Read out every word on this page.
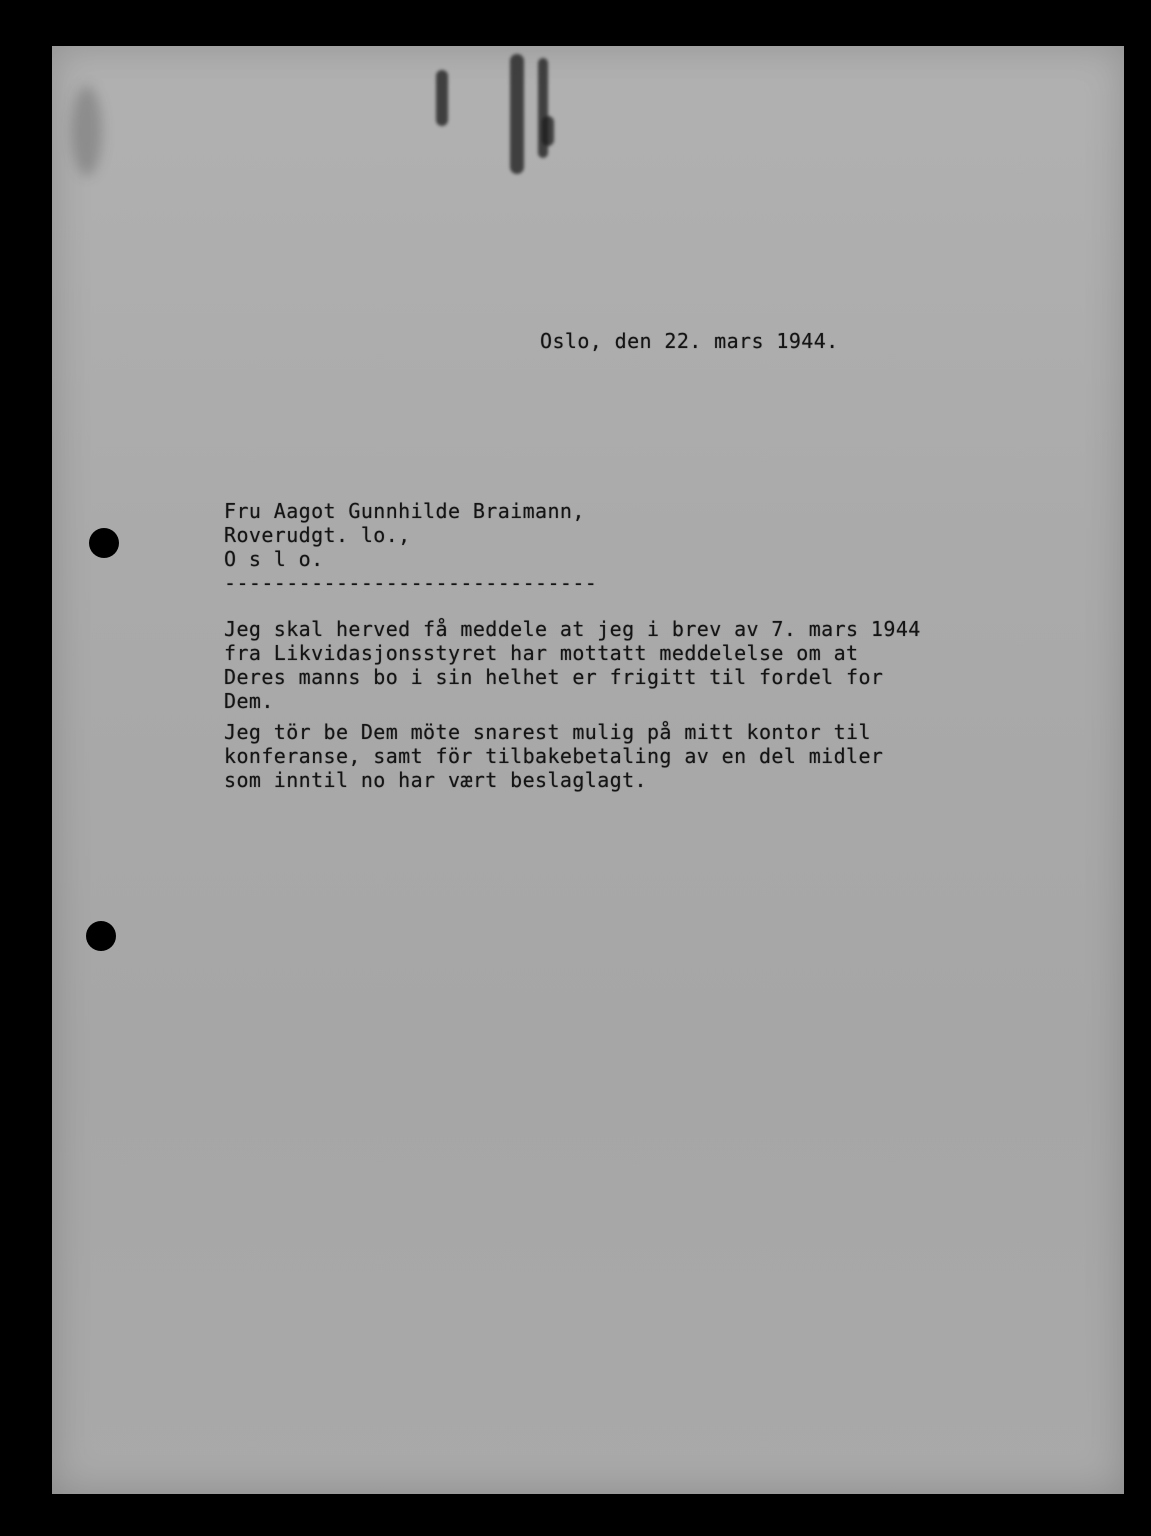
Oslo, den 22. mars 1944.
Fru Aagot Gunnhilde Braimann,
Roverudgt. lo.,
O s l o.
------------------------------
Jeg skal herved få meddele at jeg i brev av 7. mars 1944
fra Likvidasjonsstyret har mottatt meddelelse om at
Deres manns bo i sin helhet er frigitt til fordel for
Dem.
Jeg tör be Dem möte snarest mulig på mitt kontor til
konferanse, samt för tilbakebetaling av en del midler
som inntil no har vært beslaglagt.
